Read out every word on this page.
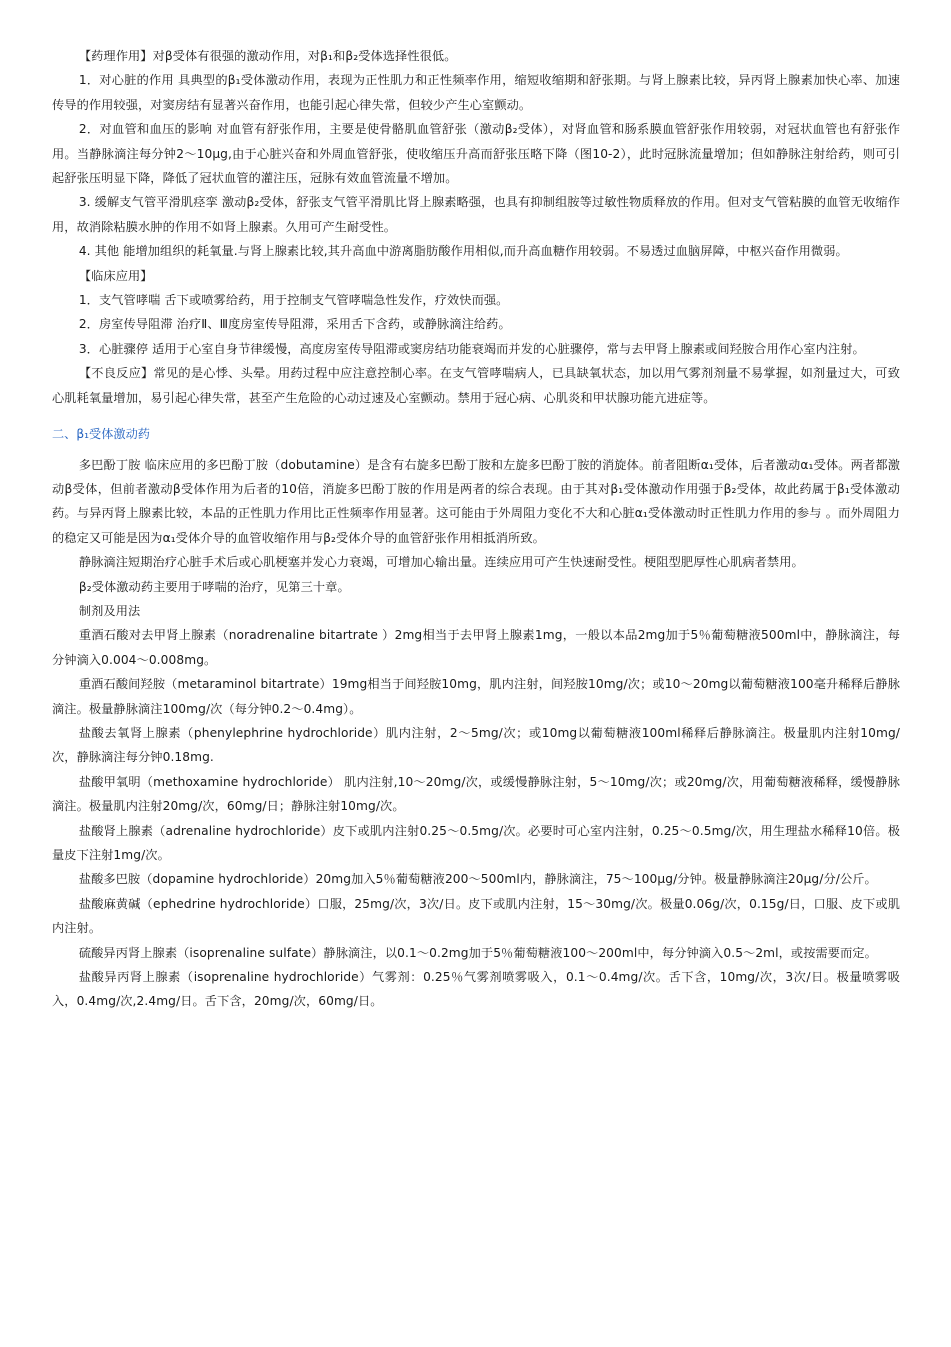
【药理作用】对β受体有很强的激动作用，对β₁和β₂受体选择性很低。

1．对心脏的作用 具典型的β₁受体激动作用，表现为正性肌力和正性频率作用，缩短收缩期和舒张期。与肾上腺素比较，异丙肾上腺素加快心率、加速传导的作用较强，对窦房结有显著兴奋作用，也能引起心律失常，但较少产生心室颤动。

2．对血管和血压的影响 对血管有舒张作用，主要是使骨骼肌血管舒张（激动β₂受体），对肾血管和肠系膜血管舒张作用较弱，对冠状血管也有舒张作用。当静脉滴注每分钟2～10μg,由于心脏兴奋和外周血管舒张，使收缩压升高而舒张压略下降（图10-2），此时冠脉流量增加；但如静脉注射给药，则可引起舒张压明显下降，降低了冠状血管的灌注压，冠脉有效血管流量不增加。

3. 缓解支气管平滑肌痉挛 激动β₂受体，舒张支气管平滑肌比肾上腺素略强，也具有抑制组胺等过敏性物质释放的作用。但对支气管粘膜的血管无收缩作用，故消除粘膜水肿的作用不如肾上腺素。久用可产生耐受性。

4. 其他 能增加组织的耗氧量.与肾上腺素比较,其升高血中游离脂肪酸作用相似,而升高血糖作用较弱。不易透过血脑屏障，中枢兴奋作用微弱。

【临床应用】

1．支气管哮喘 舌下或喷雾给药，用于控制支气管哮喘急性发作，疗效快而强。

2．房室传导阻滞 治疗Ⅱ、Ⅲ度房室传导阻滞，采用舌下含药，或静脉滴注给药。

3．心脏骤停 适用于心室自身节律缓慢，高度房室传导阻滞或窦房结功能衰竭而并发的心脏骤停，常与去甲肾上腺素或间羟胺合用作心室内注射。

【不良反应】常见的是心悸、头晕。用药过程中应注意控制心率。在支气管哮喘病人，已具缺氧状态，加以用气雾剂剂量不易掌握，如剂量过大，可致心肌耗氧量增加，易引起心律失常，甚至产生危险的心动过速及心室颤动。禁用于冠心病、心肌炎和甲状腺功能亢进症等。

二、β₁受体激动药

多巴酚丁胺 临床应用的多巴酚丁胺（dobutamine）是含有右旋多巴酚丁胺和左旋多巴酚丁胺的消旋体。前者阻断α₁受体，后者激动α₁受体。两者都激动β受体，但前者激动β受体作用为后者的10倍，消旋多巴酚丁胺的作用是两者的综合表现。由于其对β₁受体激动作用强于β₂受体，故此药属于β₁受体激动药。与异丙肾上腺素比较，本品的正性肌力作用比正性频率作用显著。这可能由于外周阻力变化不大和心脏α₁受体激动时正性肌力作用的参与 。而外周阻力的稳定又可能是因为α₁受体介导的血管收缩作用与β₂受体介导的血管舒张作用相抵消所致。

静脉滴注短期治疗心脏手术后或心肌梗塞并发心力衰竭，可增加心输出量。连续应用可产生快速耐受性。梗阻型肥厚性心肌病者禁用。

β₂受体激动药主要用于哮喘的治疗，见第三十章。

制剂及用法

重酒石酸对去甲肾上腺素（noradrenaline bitartrate ）2mg相当于去甲肾上腺素1mg，一般以本品2mg加于5％葡萄糖液500ml中，静脉滴注，每分钟滴入0.004～0.008mg。

重酒石酸间羟胺（metaraminol bitartrate）19mg相当于间羟胺10mg，肌内注射，间羟胺10mg/次；或10～20mg以葡萄糖液100毫升稀释后静脉滴注。极量静脉滴注100mg/次（每分钟0.2～0.4mg）。

盐酸去氧肾上腺素（phenylephrine hydrochloride）肌内注射，2～5mg/次；或10mg以葡萄糖液100ml稀释后静脉滴注。极量肌内注射10mg/次，静脉滴注每分钟0.18mg.

盐酸甲氧明（methoxamine hydrochloride） 肌内注射,10～20mg/次，或缓慢静脉注射，5～10mg/次；或20mg/次，用葡萄糖液稀释，缓慢静脉滴注。极量肌内注射20mg/次，60mg/日；静脉注射10mg/次。

盐酸肾上腺素（adrenaline hydrochloride）皮下或肌内注射0.25～0.5mg/次。必要时可心室内注射，0.25～0.5mg/次，用生理盐水稀释10倍。极量皮下注射1mg/次。

盐酸多巴胺（dopamine hydrochloride）20mg加入5％葡萄糖液200～500ml内，静脉滴注，75～100μg/分钟。极量静脉滴注20μg/分/公斤。

盐酸麻黄碱（ephedrine hydrochloride）口服，25mg/次，3次/日。皮下或肌内注射，15～30mg/次。极量0.06g/次，0.15g/日，口服、皮下或肌内注射。

硫酸异丙肾上腺素（isoprenaline sulfate）静脉滴注，以0.1～0.2mg加于5％葡萄糖液100～200ml中，每分钟滴入0.5～2ml，或按需要而定。

盐酸异丙肾上腺素（isoprenaline hydrochloride）气雾剂：0.25％气雾剂喷雾吸入，0.1～0.4mg/次。舌下含，10mg/次，3次/日。极量喷雾吸入，0.4mg/次,2.4mg/日。舌下含，20mg/次，60mg/日。
